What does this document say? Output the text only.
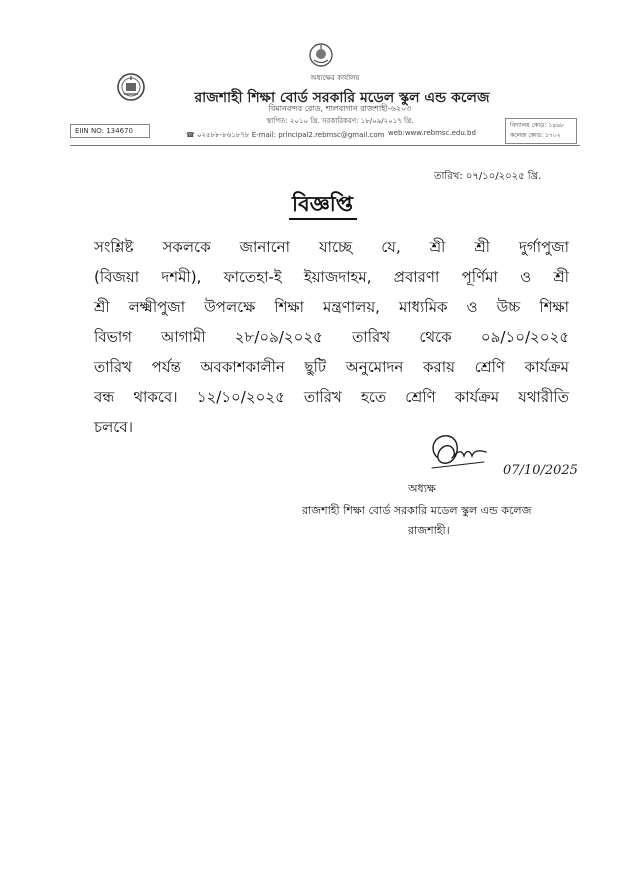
অধ্যক্ষের কার্যালয়
রাজশাহী শিক্ষা বোর্ড সরকারি মডেল স্কুল এন্ড কলেজ
বিমানবন্দর রোড, শালবাগান রাজশাহী-৬২০৩
স্থাপিত: ২০১০ খ্রি. সরকারিকরণ: ১৮/০৯/২০১৭ খ্রি.
EIIN NO: 134670	☎ ০২৫৮৮-৮৬১৮৭৮ E-mail: principal2.rebmsc@gmail.com web:www.rebmsc.edu.bd
বিদ্যালয় কোড: ১৪৬৮
কলেজ কোড: ১৭০২
তারিখ: ০৭/১০/২০২৫ খ্রি.
বিজ্ঞপ্তি
সংশ্লিষ্ট সকলকে জানানো যাচ্ছে যে, শ্রী শ্রী দুর্গাপুজা
(বিজয়া দশমী), ফাতেহা-ই ইয়াজদাহম, প্রবারণা পূর্ণিমা ও শ্রী
শ্রী লক্ষ্মীপুজা উপলক্ষে শিক্ষা মন্ত্রণালয়, মাধ্যমিক ও উচ্চ শিক্ষা
বিভাগ আগামী ২৮/০৯/২০২৫ তারিখ থেকে ০৯/১০/২০২৫
তারিখ পর্যন্ত অবকাশকালীন ছুটি অনুমোদন করায় শ্রেণি কার্যক্রম
বন্ধ থাকবে। ১২/১০/২০২৫ তারিখ হতে শ্রেণি কার্যক্রম যথারীতি
চলবে।
07/10/2025
অধ্যক্ষ
রাজশাহী শিক্ষা বোর্ড সরকারি মডেল স্কুল এন্ড কলেজ
রাজশাহী।
